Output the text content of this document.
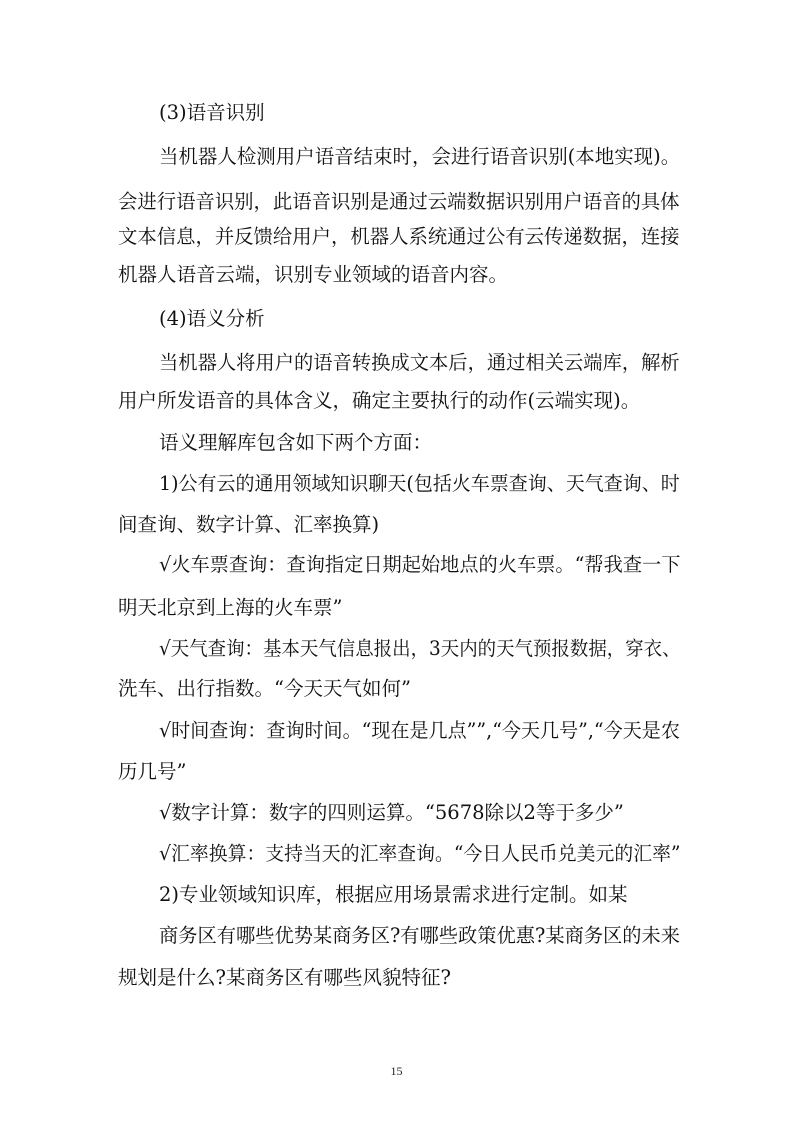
(3)语音识别
当机器人检测用户语音结束时，会进行语音识别(本地实现)。
会进行语音识别，此语音识别是通过云端数据识别用户语音的具体
文本信息，并反馈给用户，机器人系统通过公有云传递数据，连接
机器人语音云端，识别专业领域的语音内容。
(4)语义分析
当机器人将用户的语音转换成文本后，通过相关云端库，解析
用户所发语音的具体含义，确定主要执行的动作(云端实现)。
语义理解库包含如下两个方面：
1)公有云的通用领域知识聊天(包括火车票查询、天气查询、时
间查询、数字计算、汇率换算)
√火车票查询：查询指定日期起始地点的火车票。“帮我查一下
明天北京到上海的火车票”
√天气查询：基本天气信息报出，3天内的天气预报数据，穿衣、
洗车、出行指数。“今天天气如何”
√时间查询：查询时间。“现在是几点””,“今天几号”,“今天是农
历几号”
√数字计算：数字的四则运算。“5678除以2等于多少”
√汇率换算：支持当天的汇率查询。“今日人民币兑美元的汇率”
2)专业领域知识库，根据应用场景需求进行定制。如某
商务区有哪些优势某商务区?有哪些政策优惠?某商务区的未来
规划是什么?某商务区有哪些风貌特征?
15
